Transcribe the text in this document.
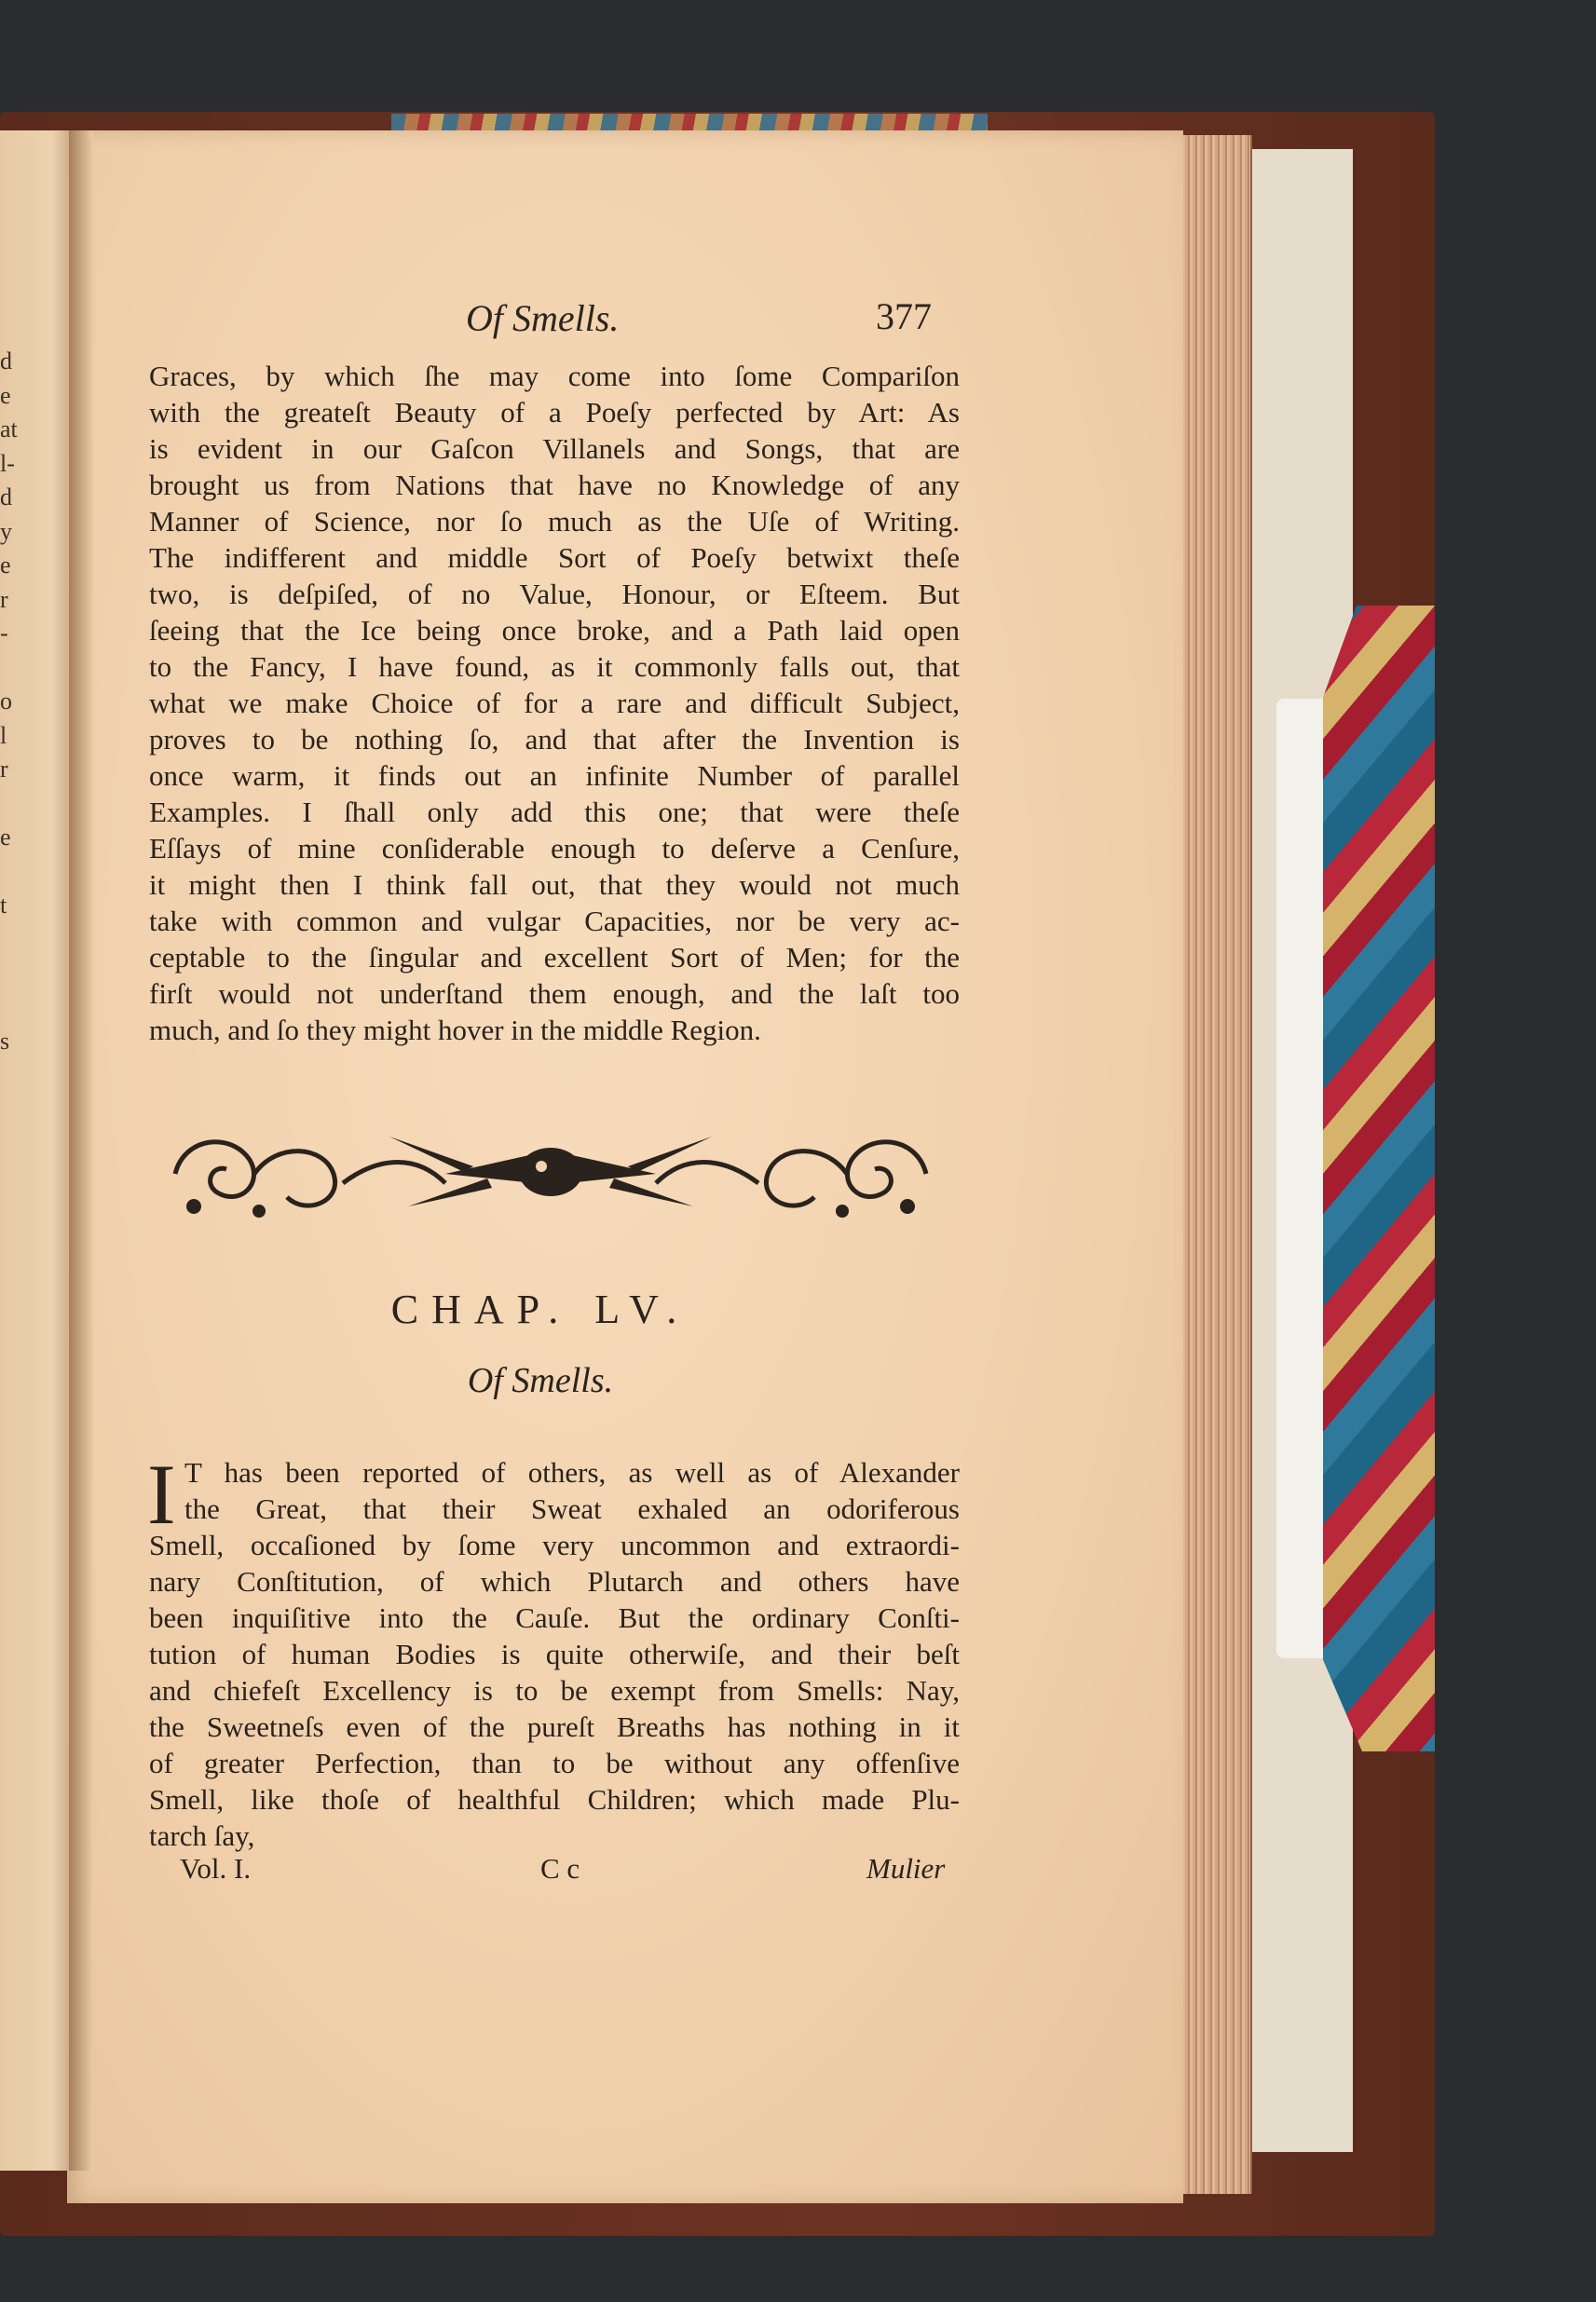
d
e
at
l-
d
y
e
r
-

o
l
r

e

t

s
Of Smells.	377
Graces, by which ſhe may come into ſome Compariſon
with the greateſt Beauty of a Poeſy perfected by Art: As
is evident in our Gaſcon Villanels and Songs, that are
brought us from Nations that have no Knowledge of any
Manner of Science, nor ſo much as the Uſe of Writing.
The indifferent and middle Sort of Poeſy betwixt theſe
two, is deſpiſed, of no Value, Honour, or Eſteem. But
ſeeing that the Ice being once broke, and a Path laid open
to the Fancy, I have found, as it commonly falls out, that
what we make Choice of for a rare and difficult Subject,
proves to be nothing ſo, and that after the Invention is
once warm, it finds out an infinite Number of parallel
Examples. I ſhall only add this one; that were theſe
Eſſays of mine conſiderable enough to deſerve a Cenſure,
it might then I think fall out, that they would not much
take with common and vulgar Capacities, nor be very ac-
ceptable to the ſingular and excellent Sort of Men; for the
firſt would not underſtand them enough, and the laſt too
much, and ſo they might hover in the middle Region.
CHAP. LV.
Of Smells.
I T has been reported of others, as well as of Alexander
the Great, that their Sweat exhaled an odoriferous
Smell, occaſioned by ſome very uncommon and extraordi-
nary Conſtitution, of which Plutarch and others have
been inquiſitive into the Cauſe. But the ordinary Conſti-
tution of human Bodies is quite otherwiſe, and their beſt
and chiefeſt Excellency is to be exempt from Smells: Nay,
the Sweetneſs even of the pureſt Breaths has nothing in it
of greater Perfection, than to be without any offenſive
Smell, like thoſe of healthful Children; which made Plu-
tarch ſay,
Vol. I.	C c	Mulier
